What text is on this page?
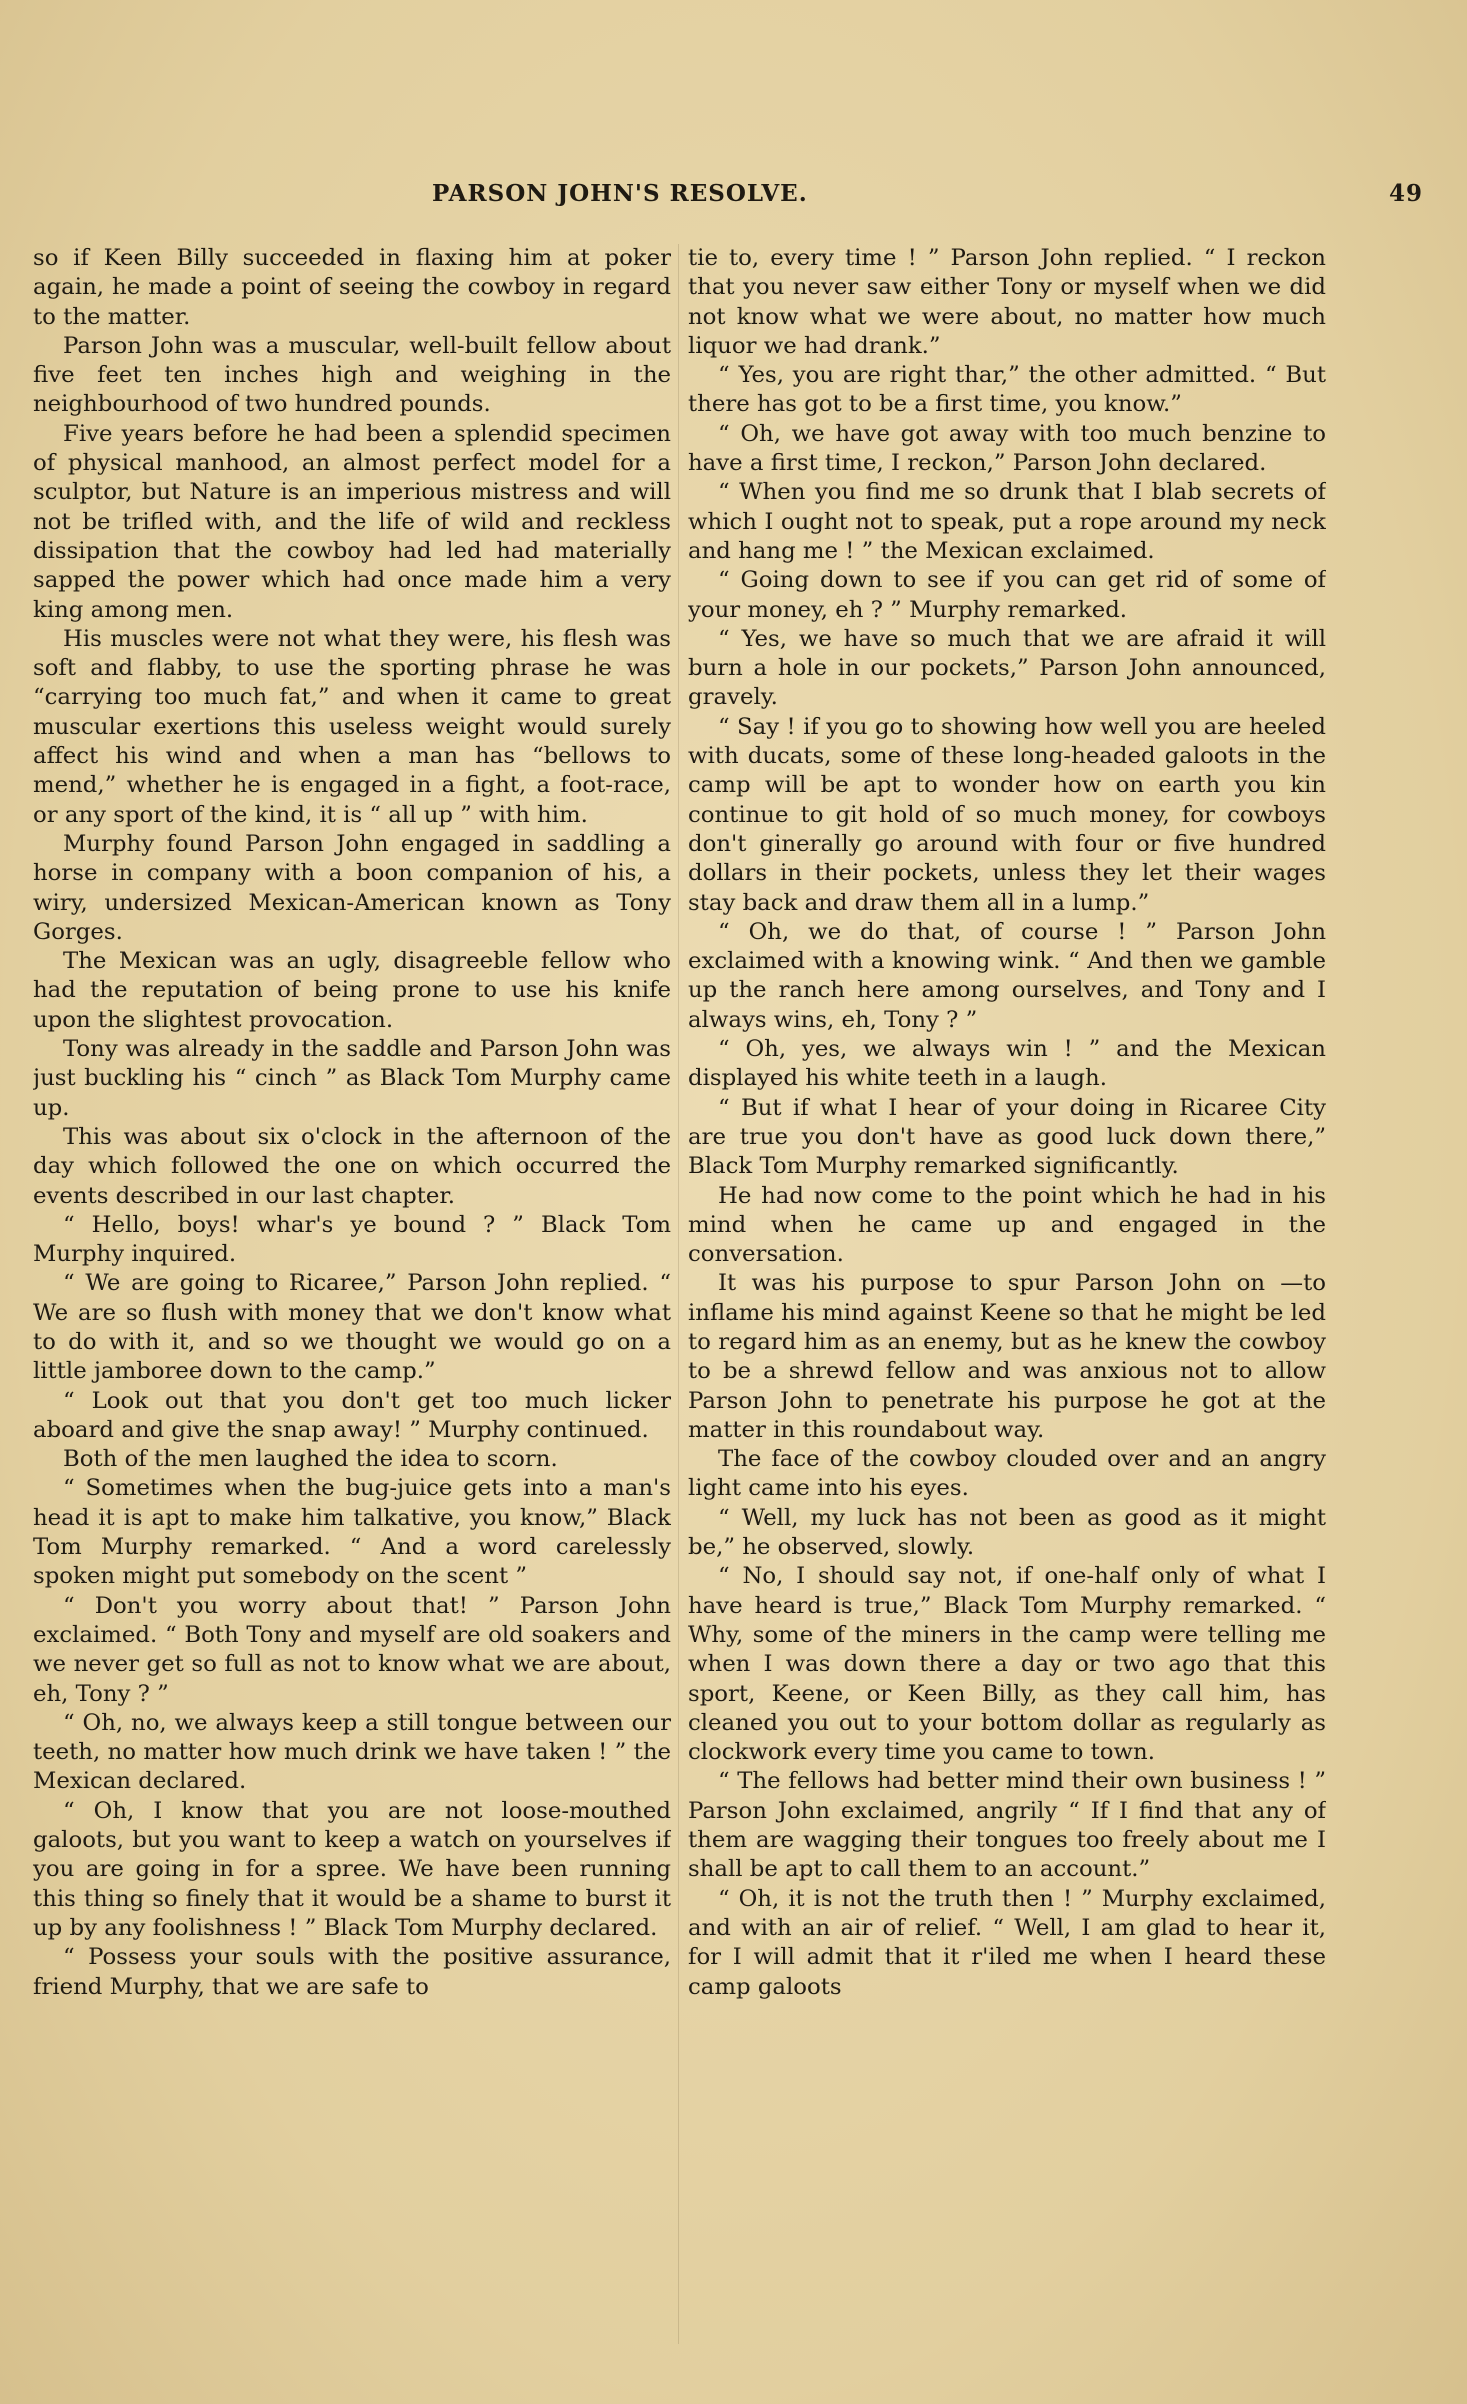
PARSON JOHN'S RESOLVE.	49

so if Keen Billy succeeded in flaxing him at poker again, he made a point of seeing the cowboy in regard to the matter.

Parson John was a muscular, well-built fellow about five feet ten inches high and weighing in the neighbourhood of two hundred pounds.

Five years before he had been a splendid specimen of physical manhood, an almost perfect model for a sculptor, but Nature is an imperious mistress and will not be trifled with, and the life of wild and reckless dissipation that the cowboy had led had materially sapped the power which had once made him a very king among men.

His muscles were not what they were, his flesh was soft and flabby, to use the sporting phrase he was “carrying too much fat,” and when it came to great muscular exertions this useless weight would surely affect his wind and when a man has “bellows to mend,” whether he is engaged in a fight, a foot-race, or any sport of the kind, it is “ all up ” with him.

Murphy found Parson John engaged in saddling a horse in company with a boon companion of his, a wiry, undersized Mexican-American known as Tony Gorges.

The Mexican was an ugly, disagreeble fellow who had the reputation of being prone to use his knife upon the slightest provocation.

Tony was already in the saddle and Parson John was just buckling his “ cinch ” as Black Tom Murphy came up.

This was about six o'clock in the afternoon of the day which followed the one on which occurred the events described in our last chapter.

“ Hello, boys! whar's ye bound ? ” Black Tom Murphy inquired.

“ We are going to Ricaree,” Parson John replied. “ We are so flush with money that we don't know what to do with it, and so we thought we would go on a little jamboree down to the camp.”

“ Look out that you don't get too much licker aboard and give the snap away! ” Murphy continued.

Both of the men laughed the idea to scorn.

“ Sometimes when the bug-juice gets into a man's head it is apt to make him talkative, you know,” Black Tom Murphy remarked. “ And a word carelessly spoken might put somebody on the scent ”

“ Don't you worry about that! ” Parson John exclaimed. “ Both Tony and myself are old soakers and we never get so full as not to know what we are about, eh, Tony ? ”

“ Oh, no, we always keep a still tongue between our teeth, no matter how much drink we have taken ! ” the Mexican declared.

“ Oh, I know that you are not loose-mouthed galoots, but you want to keep a watch on yourselves if you are going in for a spree. We have been running this thing so finely that it would be a shame to burst it up by any foolishness ! ” Black Tom Murphy declared.

“ Possess your souls with the positive assurance, friend Murphy, that we are safe to

tie to, every time ! ” Parson John replied. “ I reckon that you never saw either Tony or myself when we did not know what we were about, no matter how much liquor we had drank.”

“ Yes, you are right thar,” the other admitted. “ But there has got to be a first time, you know.”

“ Oh, we have got away with too much benzine to have a first time, I reckon,” Parson John declared.

“ When you find me so drunk that I blab secrets of which I ought not to speak, put a rope around my neck and hang me ! ” the Mexican exclaimed.

“ Going down to see if you can get rid of some of your money, eh ? ” Murphy remarked.

“ Yes, we have so much that we are afraid it will burn a hole in our pockets,” Parson John announced, gravely.

“ Say ! if you go to showing how well you are heeled with ducats, some of these long-headed galoots in the camp will be apt to wonder how on earth you kin continue to git hold of so much money, for cowboys don't ginerally go around with four or five hundred dollars in their pockets, unless they let their wages stay back and draw them all in a lump.”

“ Oh, we do that, of course ! ” Parson John exclaimed with a knowing wink. “ And then we gamble up the ranch here among ourselves, and Tony and I always wins, eh, Tony ? ”

“ Oh, yes, we always win ! ” and the Mexican displayed his white teeth in a laugh.

“ But if what I hear of your doing in Ricaree City are true you don't have as good luck down there,” Black Tom Murphy remarked significantly.

He had now come to the point which he had in his mind when he came up and engaged in the conversation.

It was his purpose to spur Parson John on —to inflame his mind against Keene so that he might be led to regard him as an enemy, but as he knew the cowboy to be a shrewd fellow and was anxious not to allow Parson John to penetrate his purpose he got at the matter in this roundabout way.

The face of the cowboy clouded over and an angry light came into his eyes.

“ Well, my luck has not been as good as it might be,” he observed, slowly.

“ No, I should say not, if one-half only of what I have heard is true,” Black Tom Murphy remarked. “ Why, some of the miners in the camp were telling me when I was down there a day or two ago that this sport, Keene, or Keen Billy, as they call him, has cleaned you out to your bottom dollar as regularly as clockwork every time you came to town.

“ The fellows had better mind their own business ! ” Parson John exclaimed, angrily “ If I find that any of them are wagging their tongues too freely about me I shall be apt to call them to an account.”

“ Oh, it is not the truth then ! ” Murphy exclaimed, and with an air of relief. “ Well, I am glad to hear it, for I will admit that it r'iled me when I heard these camp galoots
